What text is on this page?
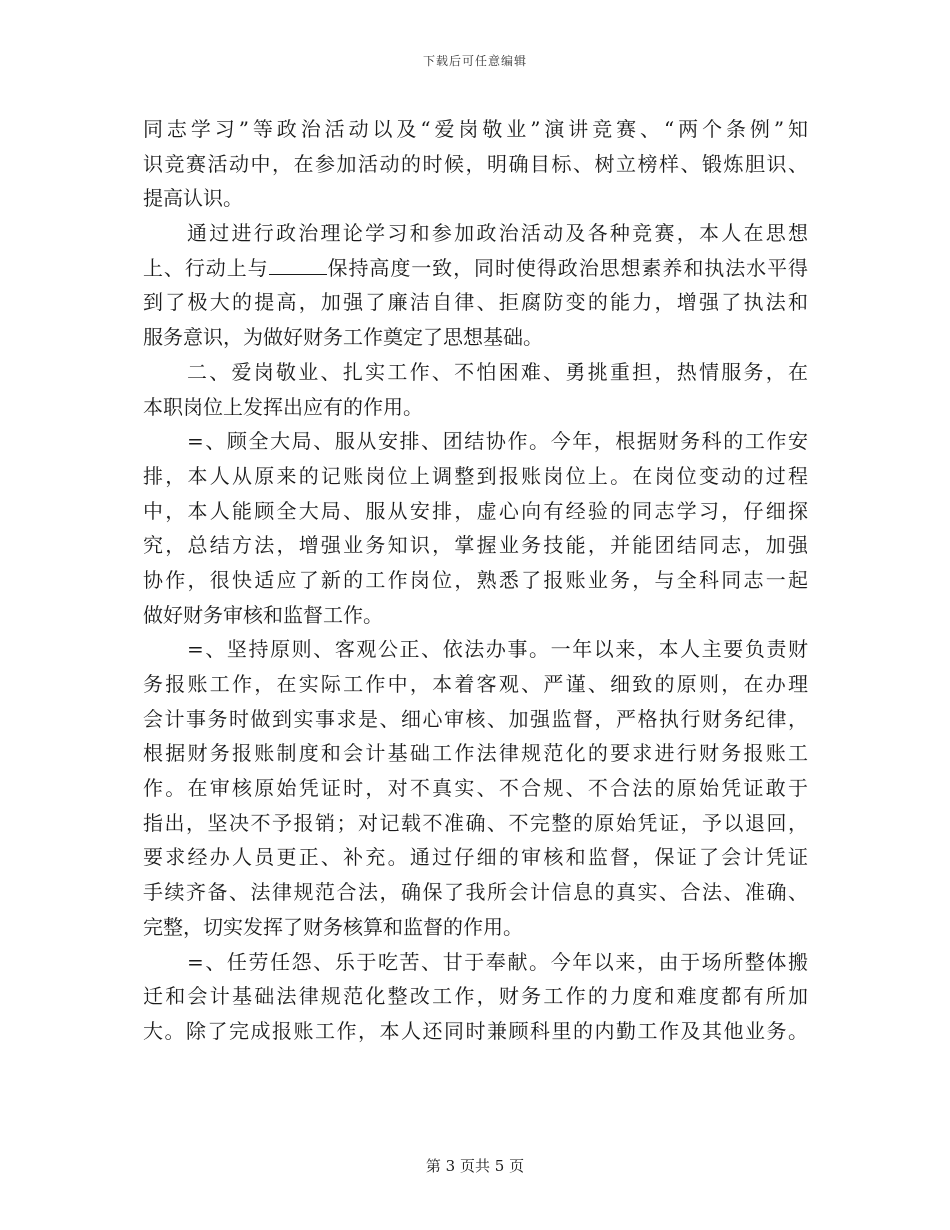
下载后可任意编辑
同志学习”等政治活动以及“爱岗敬业”演讲竞赛、“两个条例”知
识竞赛活动中，在参加活动的时候，明确目标、树立榜样、锻炼胆识、
提高认识。
通过进行政治理论学习和参加政治活动及各种竞赛，本人在思想
上、行动上与	保持高度一致，同时使得政治思想素养和执法水平得
到了极大的提高，加强了廉洁自律、拒腐防变的能力，增强了执法和
服务意识，为做好财务工作奠定了思想基础。
二、爱岗敬业、扎实工作、不怕困难、勇挑重担，热情服务，在
本职岗位上发挥出应有的作用。
=、顾全大局、服从安排、团结协作。今年，根据财务科的工作安
排，本人从原来的记账岗位上调整到报账岗位上。在岗位变动的过程
中，本人能顾全大局、服从安排，虚心向有经验的同志学习，仔细探
究，总结方法，增强业务知识，掌握业务技能，并能团结同志，加强
协作，很快适应了新的工作岗位，熟悉了报账业务，与全科同志一起
做好财务审核和监督工作。
=、坚持原则、客观公正、依法办事。一年以来，本人主要负责财
务报账工作，在实际工作中，本着客观、严谨、细致的原则，在办理
会计事务时做到实事求是、细心审核、加强监督，严格执行财务纪律，
根据财务报账制度和会计基础工作法律规范化的要求进行财务报账工
作。在审核原始凭证时，对不真实、不合规、不合法的原始凭证敢于
指出，坚决不予报销；对记载不准确、不完整的原始凭证，予以退回，
要求经办人员更正、补充。通过仔细的审核和监督，保证了会计凭证
手续齐备、法律规范合法，确保了我所会计信息的真实、合法、准确、
完整，切实发挥了财务核算和监督的作用。
=、任劳任怨、乐于吃苦、甘于奉献。今年以来，由于场所整体搬
迁和会计基础法律规范化整改工作，财务工作的力度和难度都有所加
大。除了完成报账工作，本人还同时兼顾科里的内勤工作及其他业务。
第 3 页共 5 页
